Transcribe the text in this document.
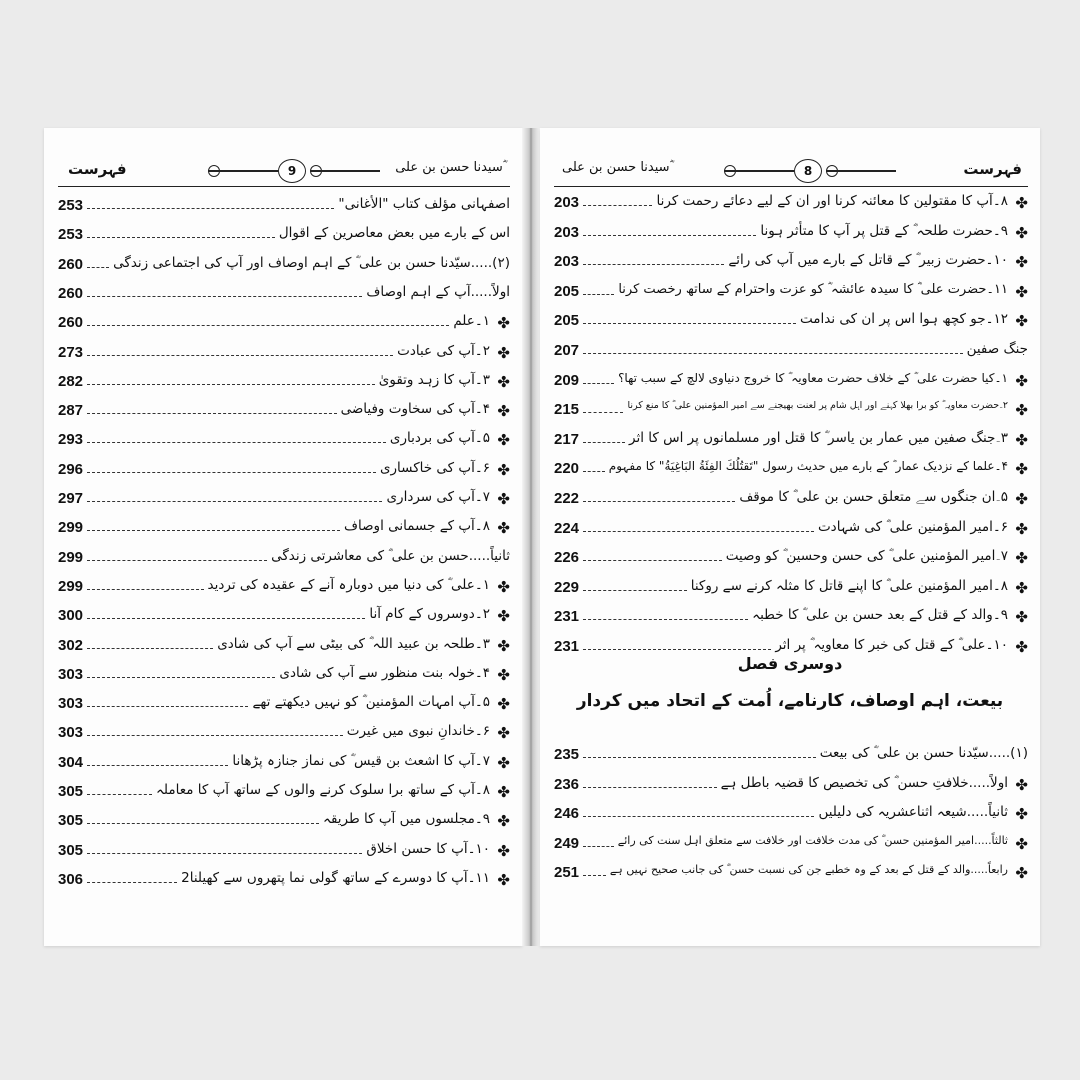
فہرست	9	سیدنا حسن بن علی ؓ
253	اصفہانی مؤلف کتاب "الأغانی"
253	اس کے بارے میں بعض معاصرین کے اقوال
260 (۲).....سیّدنا حسن بن علی ؓ کے اہم اوصاف اور آپ کی اجتماعی زندگی
260	اولاً.....آپ کے اہم اوصاف
260	۱۔علم ✤
273	۲۔آپ کی عبادت ✤
282	۳۔آپ کا زہد وتقویٰ ✤
287	۴۔آپ کی سخاوت وفیاضی ✤
293	۵۔آپ کی بردباری ✤
296	۶۔آپ کی خاکساری ✤
297	۷۔آپ کی سرداری ✤
299	۸۔آپ کے جسمانی اوصاف ✤
299	ثانیاً.....حسن بن علی ؓ کی معاشرتی زندگی
299	۱۔علی ؓ کی دنیا میں دوبارہ آنے کے عقیدہ کی تردید ✤
300	۲۔دوسروں کے کام آنا ✤
302	۳۔طلحہ بن عبید اللہ ؓ کی بیٹی سے آپ کی شادی ✤
303	۴۔خولہ بنت منظور سے آپ کی شادی ✤
303	۵۔آپ امہات المؤمنین ؓ کو نہیں دیکھتے تھے ✤
303	۶۔خاندانِ نبوی میں غیرت ✤
304	۷۔آپ کا اشعث بن قیس ؓ کی نماز جنازہ پڑھانا ✤
305	۸۔آپ کے ساتھ برا سلوک کرنے والوں کے ساتھ آپ کا معاملہ ✤
305	۹۔مجلسوں میں آپ کا طریقہ ✤
305	۱۰۔آپ کا حسن اخلاق ✤
306	۱۱۔آپ کا دوسرے کے ساتھ گولی نما پتھروں سے کھیلنا2 ✤
فہرست
8
سیدنا حسن بن علی ؓ
203	۸۔آپ کا مقتولین کا معائنہ کرنا اور ان کے لیے دعائے رحمت کرنا ✤
203	۹۔حضرت طلحہ ؓ کے قتل پر آپ کا متأثر ہونا ✤
203	۱۰۔حضرت زبیر ؓ کے قاتل کے بارے میں آپ کی رائے ✤
205	۱۱۔حضرت علی ؓ کا سیدہ عائشہ ؓ کو عزت واحترام کے ساتھ رخصت کرنا ✤
205	۱۲۔جو کچھ ہوا اس پر ان کی ندامت ✤
207	جنگ صفین
209	۱۔کیا حضرت علی ؓ کے خلاف حضرت معاویہ ؓ کا خروج دنیاوی لالچ کے سبب تھا؟ ✤
215	۲۔حضرت معاویہ ؓ کو برا بھلا کہنے اور اہل شام پر لعنت بھیجنے سے امیر المؤمنین علی ؓ کا منع کرنا ✤
217	۳۔جنگ صفین میں عمار بن یاسر ؓ کا قتل اور مسلمانوں پر اس کا اثر ✤
220 ۴۔علما کے نزدیک عمار ؓ کے بارے میں حدیث رسول "تَقتُلُكَ الفِئَةُ البَاغِيَةُ" کا مفہوم ✤
222	۵۔ان جنگوں سے متعلق حسن بن علی ؓ کا موقف ✤
224	۶۔امیر المؤمنین علی ؓ کی شہادت ✤
226	۷۔امیر المؤمنین علی ؓ کی حسن وحسین ؓ کو وصیت ✤
229	۸۔امیر المؤمنین علی ؓ کا اپنے قاتل کا مثلہ کرنے سے روکنا ✤
231	۹۔والد کے قتل کے بعد حسن بن علی ؓ کا خطبہ ✤
231	۱۰۔علی ؓ کے قتل کی خبر کا معاویہ ؓ پر اثر ✤
دوسری فصل
بیعت، اہم اوصاف، کارنامے، اُمت کے اتحاد میں کردار
235	(۱).....سیّدنا حسن بن علی ؓ کی بیعت
236	اولاً.....خلافتِ حسن ؓ کی تخصیص کا قضیہ باطل ہے ✤
246	ثانیاً.....شیعہ اثناعشریہ کی دلیلیں ✤
249	ثالثاً.....امیر المؤمنین حسن ؓ کی مدت خلافت اور خلافت سے متعلق اہل سنت کی رائے ✤
251	رابعاً.....والد کے قتل کے بعد کے وہ خطبے جن کی نسبت حسن ؓ کی جانب صحیح نہیں ہے ✤
